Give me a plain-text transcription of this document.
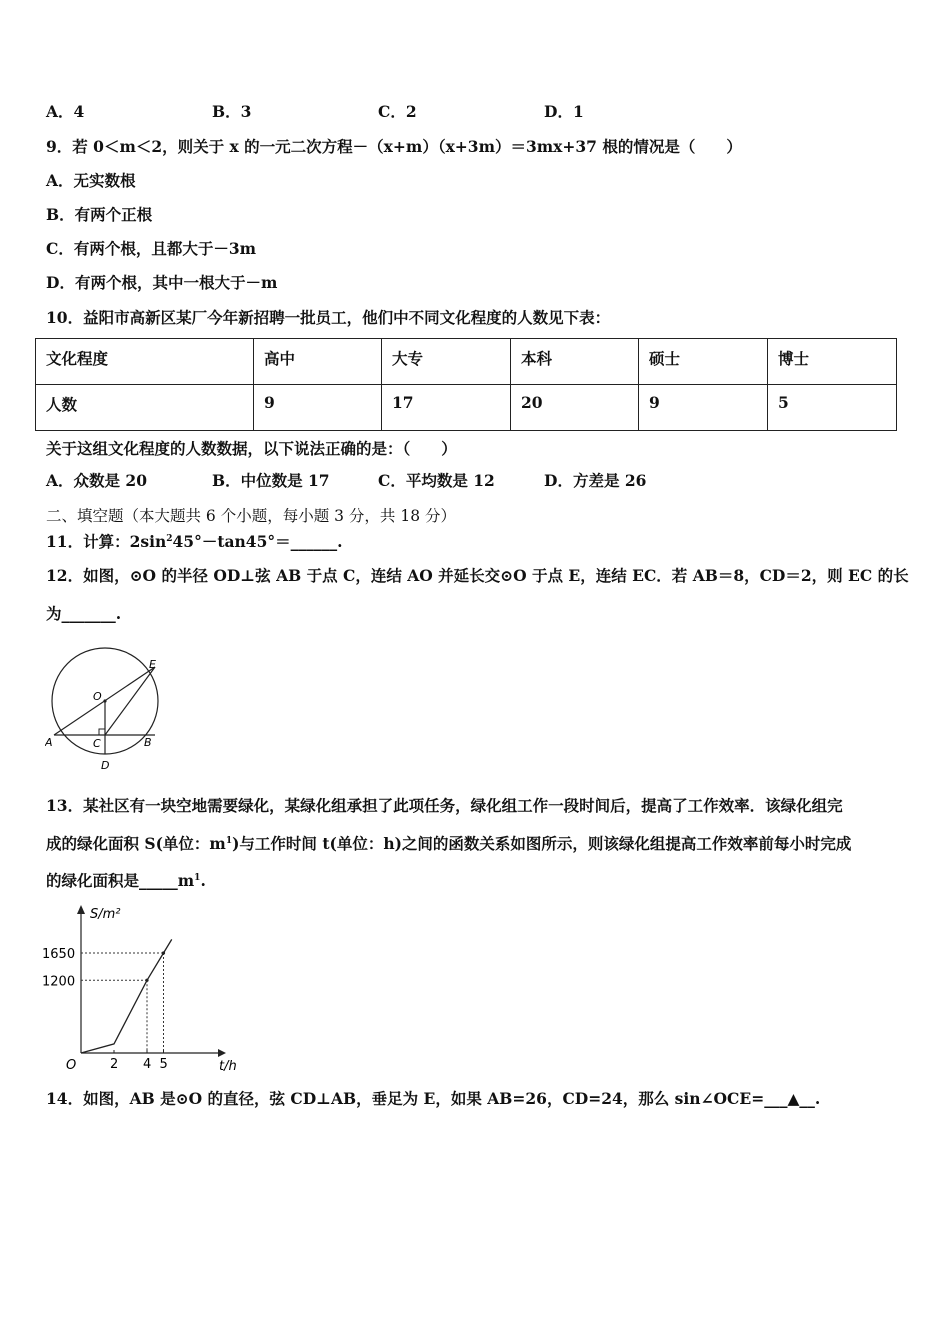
A．4	B．3	C．2	D．1
9．若 0＜m＜2，则关于 x 的一元二次方程－（x+m）（x+3m）＝3mx+37 根的情况是（　　）
A．无实数根
B．有两个正根
C．有两个根，且都大于－3m
D．有两个根，其中一根大于－m
10．益阳市高新区某厂今年新招聘一批员工，他们中不同文化程度的人数见下表：
文化程度	高中	大专	本科	硕士	博士
人数	9	17	20	9	5
关于这组文化程度的人数数据，以下说法正确的是：（　　）
A．众数是 20	B．中位数是 17	C．平均数是 12	D．方差是 26
二、填空题（本大题共 6 个小题，每小题 3 分，共 18 分）
11．计算：$2\sin^245^\circ-\tan 45^\circ=\_\_\_\_\_\_$.
12．如图，⊙O 的半径 OD⊥弦 AB 于点 C，连结 AO 并延长交⊙O 于点 E，连结 EC．若 AB＝8，CD＝2，则 EC 的长
为_______.
O
E
A	B
C
D
13．某社区有一块空地需要绿化，某绿化组承担了此项任务，绿化组工作一段时间后，提高了工作效率．该绿化组完
成的绿化面积 S(单位：$m^1$)与工作时间 t(单位：h)之间的函数关系如图所示，则该绿化组提高工作效率前每小时完成
的绿化面积是$\_\_\_\_\_m^1$.
S/m²
t/h
O	2 4 5
1200
1650
14．如图，AB 是⊙O 的直径，弦 CD⊥AB，垂足为 E，如果 AB=26，CD=24，那么 sin∠OCE=___▲__.
